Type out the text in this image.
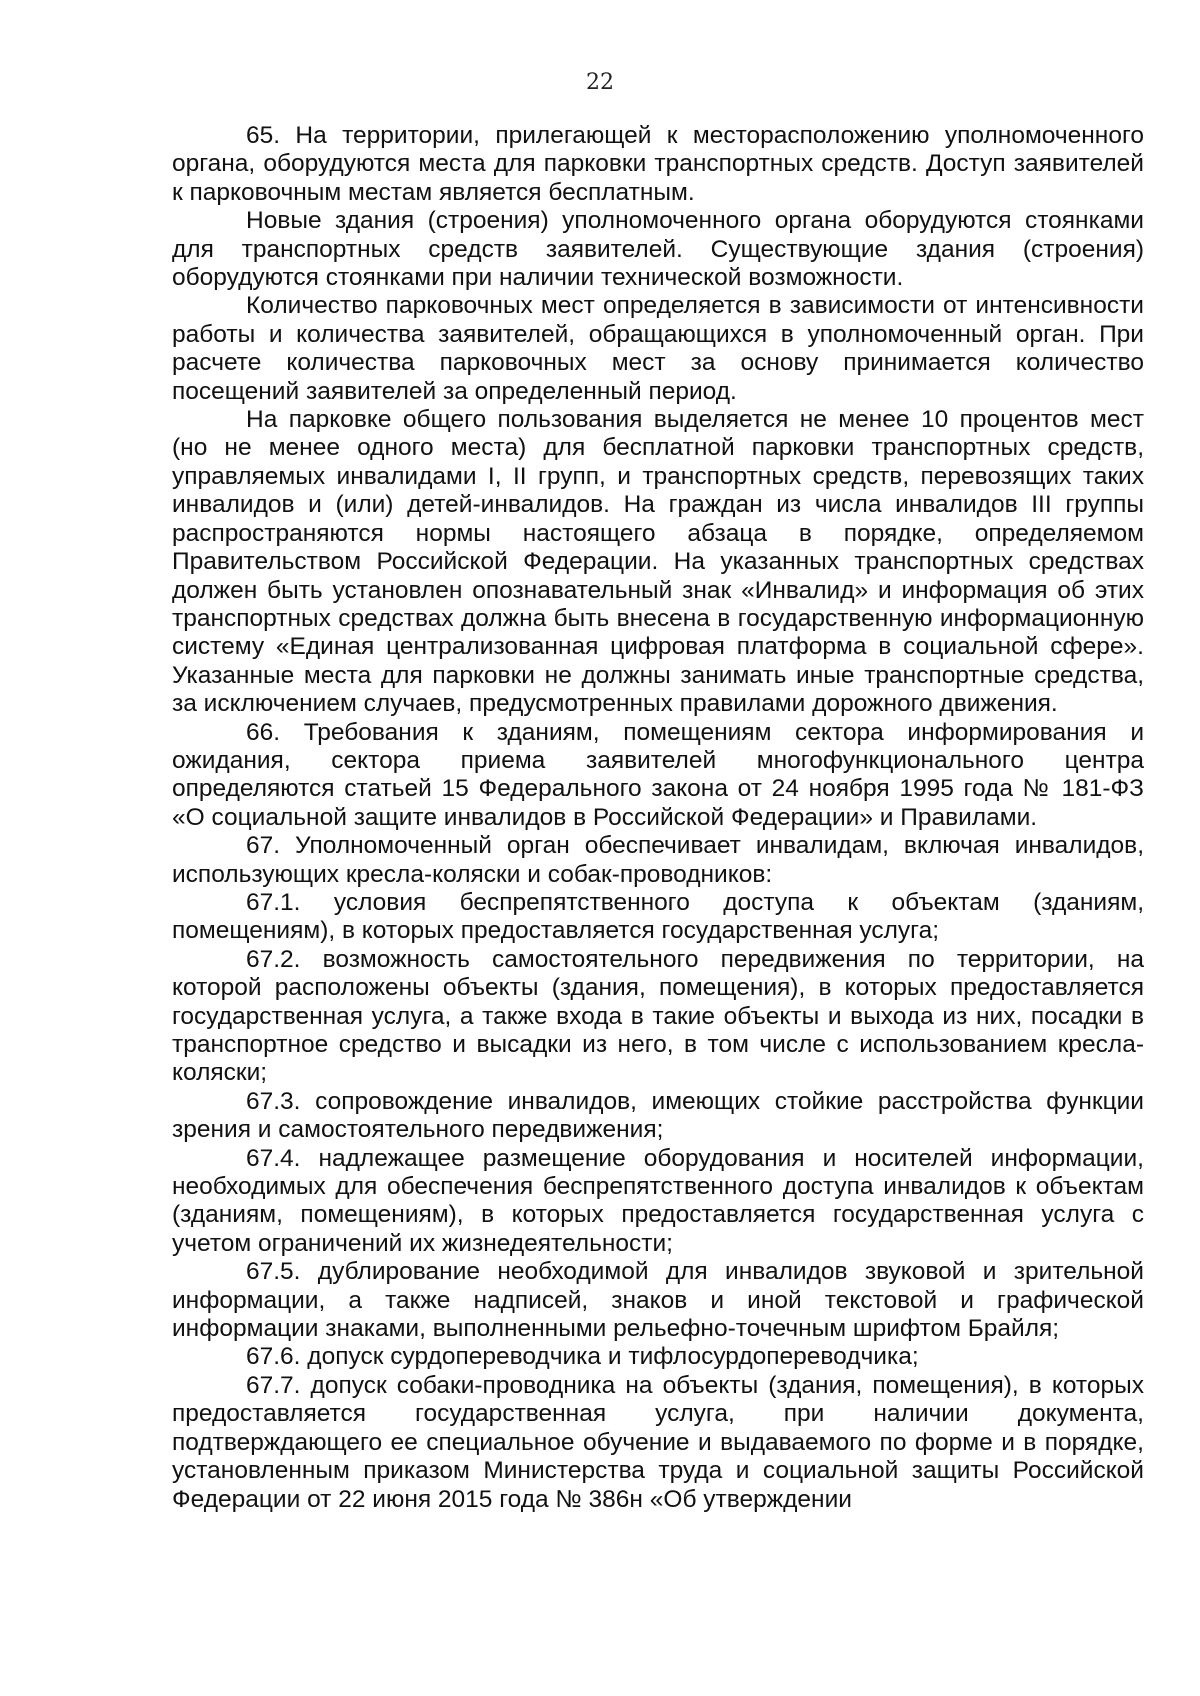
22

65. На территории, прилегающей к месторасположению уполномоченного органа, оборудуются места для парковки транспортных средств. Доступ заявителей к парковочным местам является бесплатным.

Новые здания (строения) уполномоченного органа оборудуются стоянками для транспортных средств заявителей. Существующие здания (строения) оборудуются стоянками при наличии технической возможности.

Количество парковочных мест определяется в зависимости от интенсивности работы и количества заявителей, обращающихся в уполномоченный орган. При расчете количества парковочных мест за основу принимается количество посещений заявителей за определенный период.

На парковке общего пользования выделяется не менее 10 процентов мест (но не менее одного места) для бесплатной парковки транспортных средств, управляемых инвалидами I, II групп, и транспортных средств, перевозящих таких инвалидов и (или) детей-инвалидов. На граждан из числа инвалидов III группы распространяются нормы настоящего абзаца в порядке, определяемом Правительством Российской Федерации. На указанных транспортных средствах должен быть установлен опознавательный знак «Инвалид» и информация об этих транспортных средствах должна быть внесена в государственную информационную систему «Единая централизованная цифровая платформа в социальной сфере». Указанные места для парковки не должны занимать иные транспортные средства, за исключением случаев, предусмотренных правилами дорожного движения.

66. Требования к зданиям, помещениям сектора информирования и ожидания, сектора приема заявителей многофункционального центра определяются статьей 15 Федерального закона от 24 ноября 1995 года № 181-ФЗ «О социальной защите инвалидов в Российской Федерации» и Правилами.

67. Уполномоченный орган обеспечивает инвалидам, включая инвалидов, использующих кресла-коляски и собак-проводников:

67.1. условия беспрепятственного доступа к объектам (зданиям, помещениям), в которых предоставляется государственная услуга;

67.2. возможность самостоятельного передвижения по территории, на которой расположены объекты (здания, помещения), в которых предоставляется государственная услуга, а также входа в такие объекты и выхода из них, посадки в транспортное средство и высадки из него, в том числе с использованием кресла-коляски;

67.3. сопровождение инвалидов, имеющих стойкие расстройства функции зрения и самостоятельного передвижения;

67.4. надлежащее размещение оборудования и носителей информации, необходимых для обеспечения беспрепятственного доступа инвалидов к объектам (зданиям, помещениям), в которых предоставляется государственная услуга с учетом ограничений их жизнедеятельности;

67.5. дублирование необходимой для инвалидов звуковой и зрительной информации, а также надписей, знаков и иной текстовой и графической информации знаками, выполненными рельефно-точечным шрифтом Брайля;

67.6. допуск сурдопереводчика и тифлосурдопереводчика;

67.7. допуск собаки-проводника на объекты (здания, помещения), в которых предоставляется государственная услуга, при наличии документа, подтверждающего ее специальное обучение и выдаваемого по форме и в порядке, установленным приказом Министерства труда и социальной защиты Российской Федерации от 22 июня 2015 года № 386н «Об утверждении
